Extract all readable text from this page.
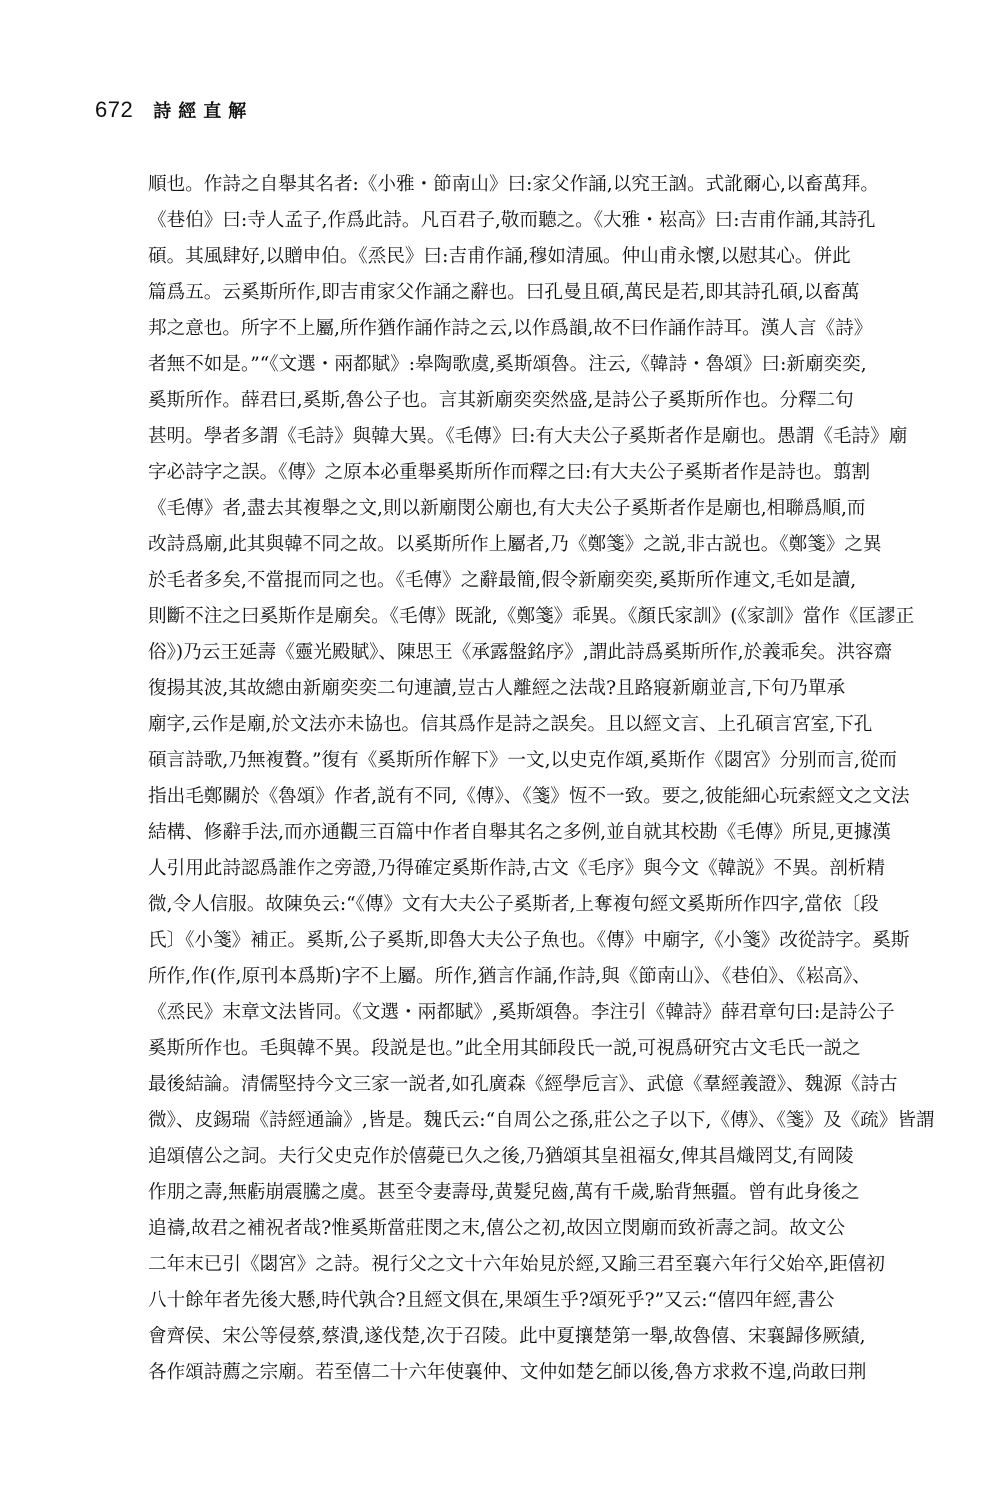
672 詩經直解
順也。作詩之自舉其名者:《小雅・節南山》曰:家父作誦,以究王訩。式訛爾心,以畜萬拜。
《巷伯》曰:寺人孟子,作爲此詩。凡百君子,敬而聽之。《大雅・崧高》曰:吉甫作誦,其詩孔
碩。其風肆好,以贈申伯。《烝民》曰:吉甫作誦,穆如清風。仲山甫永懷,以慰其心。併此
篇爲五。云奚斯所作,即吉甫家父作誦之辭也。曰孔曼且碩,萬民是若,即其詩孔碩,以畜萬
邦之意也。所字不上屬,所作猶作誦作詩之云,以作爲韻,故不曰作誦作詩耳。漢人言《詩》
者無不如是。”“《文選・兩都賦》:皋陶歌虞,奚斯頌魯。注云,《韓詩・魯頌》曰:新廟奕奕,
奚斯所作。薛君曰,奚斯,魯公子也。言其新廟奕奕然盛,是詩公子奚斯所作也。分釋二句
甚明。學者多謂《毛詩》與韓大異。《毛傳》曰:有大夫公子奚斯者作是廟也。愚謂《毛詩》廟
字必詩字之誤。《傳》之原本必重舉奚斯所作而釋之曰:有大夫公子奚斯者作是詩也。翦割
《毛傳》者,盡去其複舉之文,則以新廟閔公廟也,有大夫公子奚斯者作是廟也,相聯爲順,而
改詩爲廟,此其與韓不同之故。以奚斯所作上屬者,乃《鄭箋》之説,非古説也。《鄭箋》之異
於毛者多矣,不當掍而同之也。《毛傳》之辭最簡,假令新廟奕奕,奚斯所作連文,毛如是讀,
則斷不注之曰奚斯作是廟矣。《毛傳》既訛,《鄭箋》乖異。《顏氏家訓》(《家訓》當作《匡謬正
俗》)乃云王延壽《靈光殿賦》、陳思王《承露盤銘序》,謂此詩爲奚斯所作,於義乖矣。洪容齋
復揚其波,其故總由新廟奕奕二句連讀,豈古人離經之法哉?且路寢新廟並言,下句乃單承
廟字,云作是廟,於文法亦未協也。信其爲作是詩之誤矣。且以經文言、上孔碩言宮室,下孔
碩言詩歌,乃無複贅。”復有《奚斯所作解下》一文,以史克作頌,奚斯作《閟宮》分别而言,從而
指出毛鄭關於《魯頌》作者,説有不同,《傳》、《箋》恆不一致。要之,彼能細心玩索經文之文法
結構、修辭手法,而亦通觀三百篇中作者自舉其名之多例,並自就其校勘《毛傳》所見,更據漢
人引用此詩認爲誰作之旁證,乃得確定奚斯作詩,古文《毛序》與今文《韓説》不異。剖析精
微,令人信服。故陳奂云:“《傳》文有大夫公子奚斯者,上奪複句經文奚斯所作四字,當依〔段
氏〕《小箋》補正。奚斯,公子奚斯,即魯大夫公子魚也。《傳》中廟字,《小箋》改從詩字。奚斯
所作,作(作,原刊本爲斯)字不上屬。所作,猶言作誦,作詩,與《節南山》、《巷伯》、《崧高》、
《烝民》末章文法皆同。《文選・兩都賦》,奚斯頌魯。李注引《韓詩》薛君章句曰:是詩公子
奚斯所作也。毛與韓不異。段説是也。”此全用其師段氏一説,可視爲研究古文毛氏一説之
最後結論。清儒堅持今文三家一説者,如孔廣森《經學卮言》、武億《羣經義證》、魏源《詩古
微》、皮錫瑞《詩經通論》,皆是。魏氏云:“自周公之孫,莊公之子以下,《傳》、《箋》及《疏》皆謂
追頌僖公之詞。夫行父史克作於僖薨已久之後,乃猶頌其皇祖福女,俾其昌熾罔艾,有岡陵
作朋之壽,無虧崩震騰之虞。甚至令妻壽母,黄髮兒齒,萬有千歲,駘背無疆。曾有此身後之
追禱,故君之補祝者哉?惟奚斯當莊閔之末,僖公之初,故因立閔廟而致祈壽之詞。故文公
二年末已引《閟宮》之詩。視行父之文十六年始見於經,又踰三君至襄六年行父始卒,距僖初
八十餘年者先後大懸,時代孰合?且經文俱在,果頌生乎?頌死乎?”又云:“僖四年經,書公
會齊侯、宋公等侵蔡,蔡潰,遂伐楚,次于召陵。此中夏攘楚第一舉,故魯僖、宋襄歸侈厥績,
各作頌詩薦之宗廟。若至僖二十六年使襄仲、文仲如楚乞師以後,魯方求救不遑,尚敢曰荆
